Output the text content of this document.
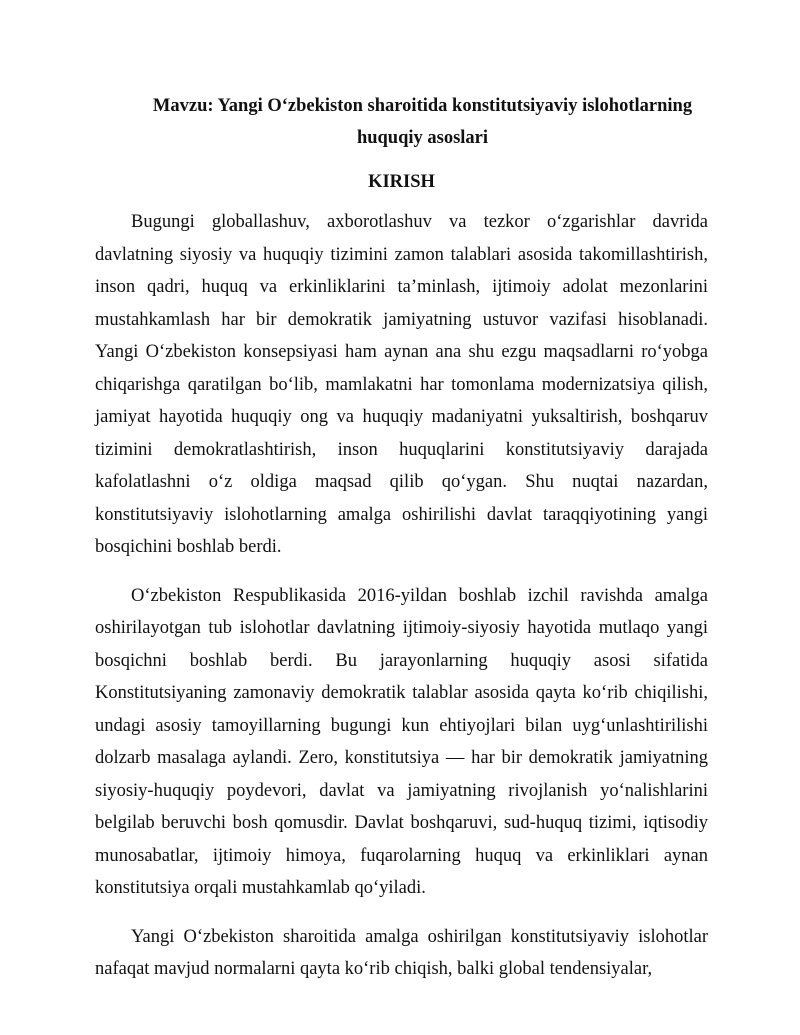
Mavzu: Yangi O‘zbekiston sharoitida konstitutsiyaviy islohotlarning
huquqiy asoslari
KIRISH

Bugungi globallashuv, axborotlashuv va tezkor o‘zgarishlar davrida davlatning siyosiy va huquqiy tizimini zamon talablari asosida takomillashtirish, inson qadri, huquq va erkinliklarini ta’minlash, ijtimoiy adolat mezonlarini mustahkamlash har bir demokratik jamiyatning ustuvor vazifasi hisoblanadi. Yangi O‘zbekiston konsepsiyasi ham aynan ana shu ezgu maqsadlarni ro‘yobga chiqarishga qaratilgan bo‘lib, mamlakatni har tomonlama modernizatsiya qilish, jamiyat hayotida huquqiy ong va huquqiy madaniyatni yuksaltirish, boshqaruv tizimini demokratlashtirish, inson huquqlarini konstitutsiyaviy darajada kafolatlashni o‘z oldiga maqsad qilib qo‘ygan. Shu nuqtai nazardan, konstitutsiyaviy islohotlarning amalga oshirilishi davlat taraqqiyotining yangi bosqichini boshlab berdi.

O‘zbekiston Respublikasida 2016-yildan boshlab izchil ravishda amalga oshirilayotgan tub islohotlar davlatning ijtimoiy-siyosiy hayotida mutlaqo yangi bosqichni boshlab berdi. Bu jarayonlarning huquqiy asosi sifatida Konstitutsiyaning zamonaviy demokratik talablar asosida qayta ko‘rib chiqilishi, undagi asosiy tamoyillarning bugungi kun ehtiyojlari bilan uyg‘unlashtirilishi dolzarb masalaga aylandi. Zero, konstitutsiya — har bir demokratik jamiyatning siyosiy-huquqiy poydevori, davlat va jamiyatning rivojlanish yo‘nalishlarini belgilab beruvchi bosh qomusdir. Davlat boshqaruvi, sud-huquq tizimi, iqtisodiy munosabatlar, ijtimoiy himoya, fuqarolarning huquq va erkinliklari aynan konstitutsiya orqali mustahkamlab qo‘yiladi.

Yangi O‘zbekiston sharoitida amalga oshirilgan konstitutsiyaviy islohotlar nafaqat mavjud normalarni qayta ko‘rib chiqish, balki global tendensiyalar,
